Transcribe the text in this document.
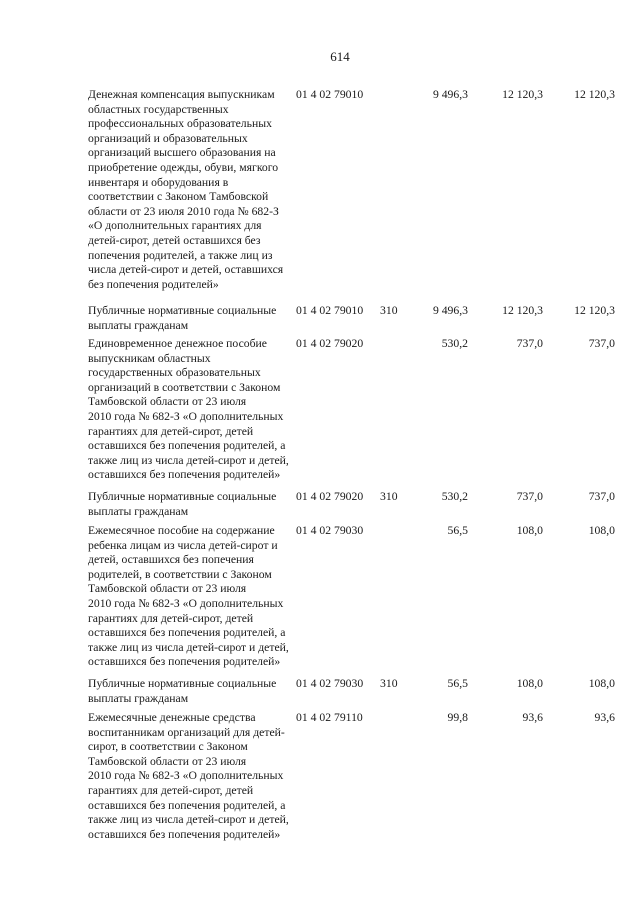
614
Денежная компенсация выпускникам
областных государственных
профессиональных образовательных
организаций и образовательных
организаций высшего образования на
приобретение одежды, обуви, мягкого
инвентаря и оборудования в
соответствии с Законом Тамбовской
области от 23 июля 2010 года № 682-З
«О дополнительных гарантиях для
детей-сирот, детей оставшихся без
попечения родителей, а также лиц из
числа детей-сирот и детей, оставшихся
без попечения родителей»
01 4 02 79010	9 496,3	12 120,3	12 120,3
Публичные нормативные социальные
выплаты гражданам
01 4 02 79010 310	9 496,3	12 120,3	12 120,3
Единовременное денежное пособие
выпускникам областных
государственных образовательных
организаций в соответствии с Законом
Тамбовской области от 23 июля
2010 года № 682-З «О дополнительных
гарантиях для детей-сирот, детей
оставшихся без попечения родителей, а
также лиц из числа детей-сирот и детей,
оставшихся без попечения родителей»
01 4 02 79020	530,2	737,0	737,0
Публичные нормативные социальные
выплаты гражданам
01 4 02 79020 310	530,2	737,0	737,0
Ежемесячное пособие на содержание
ребенка лицам из числа детей-сирот и
детей, оставшихся без попечения
родителей, в соответствии с Законом
Тамбовской области от 23 июля
2010 года № 682-З «О дополнительных
гарантиях для детей-сирот, детей
оставшихся без попечения родителей, а
также лиц из числа детей-сирот и детей,
оставшихся без попечения родителей»
01 4 02 79030	56,5	108,0	108,0
Публичные нормативные социальные
выплаты гражданам
01 4 02 79030 310	56,5	108,0	108,0
Ежемесячные денежные средства
воспитанникам организаций для детей-
сирот, в соответствии с Законом
Тамбовской области от 23 июля
2010 года № 682-З «О дополнительных
гарантиях для детей-сирот, детей
оставшихся без попечения родителей, а
также лиц из числа детей-сирот и детей,
оставшихся без попечения родителей»
01 4 02 79110	99,8	93,6	93,6
